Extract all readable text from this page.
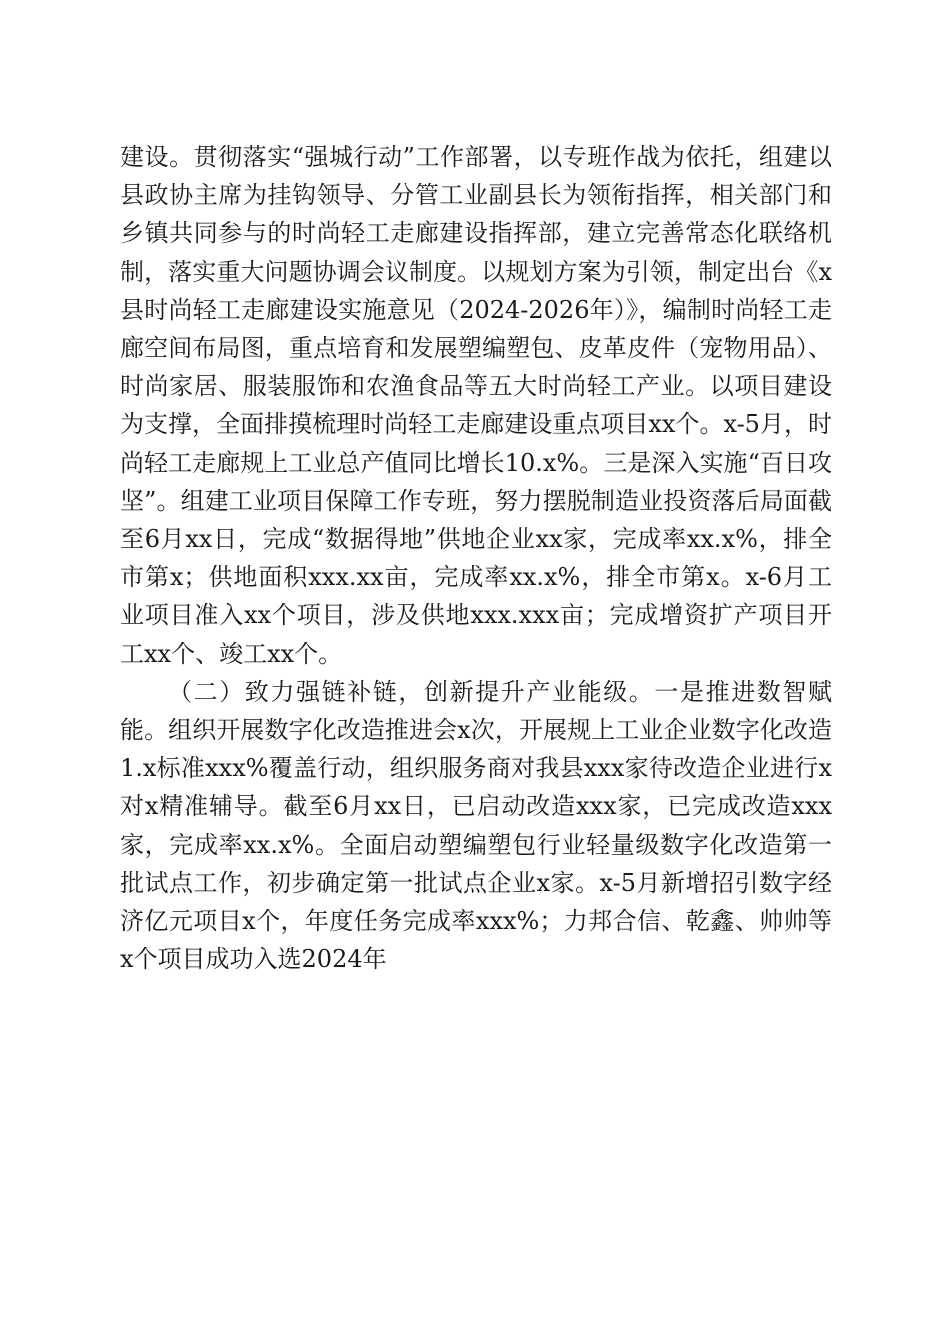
建设。贯彻落实“强城行动”工作部署，以专班作战为依托，组建以县政协主席为挂钩领导、分管工业副县长为领衔指挥，相关部门和乡镇共同参与的时尚轻工走廊建设指挥部，建立完善常态化联络机制，落实重大问题协调会议制度。以规划方案为引领，制定出台《x县时尚轻工走廊建设实施意见（2024-2026年）》，编制时尚轻工走廊空间布局图，重点培育和发展塑编塑包、皮革皮件（宠物用品）、时尚家居、服装服饰和农渔食品等五大时尚轻工产业。以项目建设为支撑，全面排摸梳理时尚轻工走廊建设重点项目xx个。x-5月，时尚轻工走廊规上工业总产值同比增长10.x%。三是深入实施“百日攻坚”。组建工业项目保障工作专班，努力摆脱制造业投资落后局面截至6月xx日，完成“数据得地”供地企业xx家，完成率xx.x%，排全市第x；供地面积xxx.xx亩，完成率xx.x%，排全市第x。x-6月工业项目准入xx个项目，涉及供地xxx.xxx亩；完成增资扩产项目开工xx个、竣工xx个。

（二）致力强链补链，创新提升产业能级。一是推进数智赋能。组织开展数字化改造推进会x次，开展规上工业企业数字化改造1.x标准xxx%覆盖行动，组织服务商对我县xxx家待改造企业进行x对x精准辅导。截至6月xx日，已启动改造xxx家，已完成改造xxx家，完成率xx.x%。全面启动塑编塑包行业轻量级数字化改造第一批试点工作，初步确定第一批试点企业x家。x-5月新增招引数字经济亿元项目x个，年度任务完成率xxx%；力邦合信、乾鑫、帅帅等x个项目成功入选2024年
